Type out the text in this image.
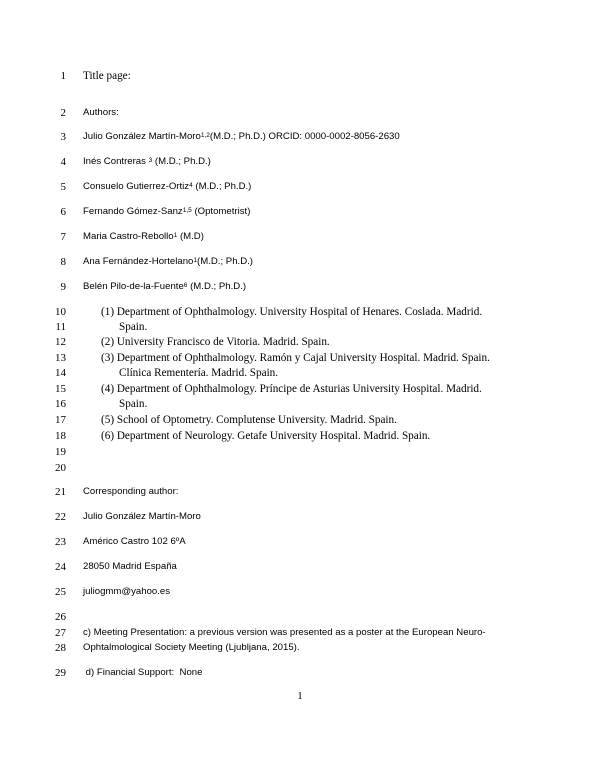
1 Title page:
2 Authors:
3 Julio González Martín-Moro$^{1,2}$(M.D.; Ph.D.) ORCID: 0000-0002-8056-2630
4 Inés Contreras $^3$ (M.D.; Ph.D.)
5 Consuelo Gutierrez-Ortiz$^4$ (M.D.; Ph.D.)
6 Fernando Gómez-Sanz$^{1,5}$ (Optometrist)
7 Maria Castro-Rebollo$^1$ (M.D)
8 Ana Fernández-Hortelano$^1$(M.D.; Ph.D.)
9 Belén Pilo-de-la-Fuente$^6$ (M.D.; Ph.D.)
10	(1) Department of Ophthalmology. University Hospital of Henares. Coslada. Madrid.
11	Spain.
12	(2) University Francisco de Vitoria. Madrid. Spain.
13	(3) Department of Ophthalmology. Ramón y Cajal University Hospital. Madrid. Spain.
14	Clínica Rementería. Madrid. Spain.
15	(4) Department of Ophthalmology. Príncipe de Asturias University Hospital. Madrid.
16	Spain.
17	(5) School of Optometry. Complutense University. Madrid. Spain.
18	(6) Department of Neurology. Getafe University Hospital. Madrid. Spain.
19
20
21 Corresponding author:
22 Julio González Martín-Moro
23 Américo Castro 102 6ºA
24 28050 Madrid España
25 juliogmm@yahoo.es
26
27 c) Meeting Presentation: a previous version was presented as a poster at the European Neuro-
28 Ophtalmological Society Meeting (Ljubljana, 2015).
29 d) Financial Support:  None
1
